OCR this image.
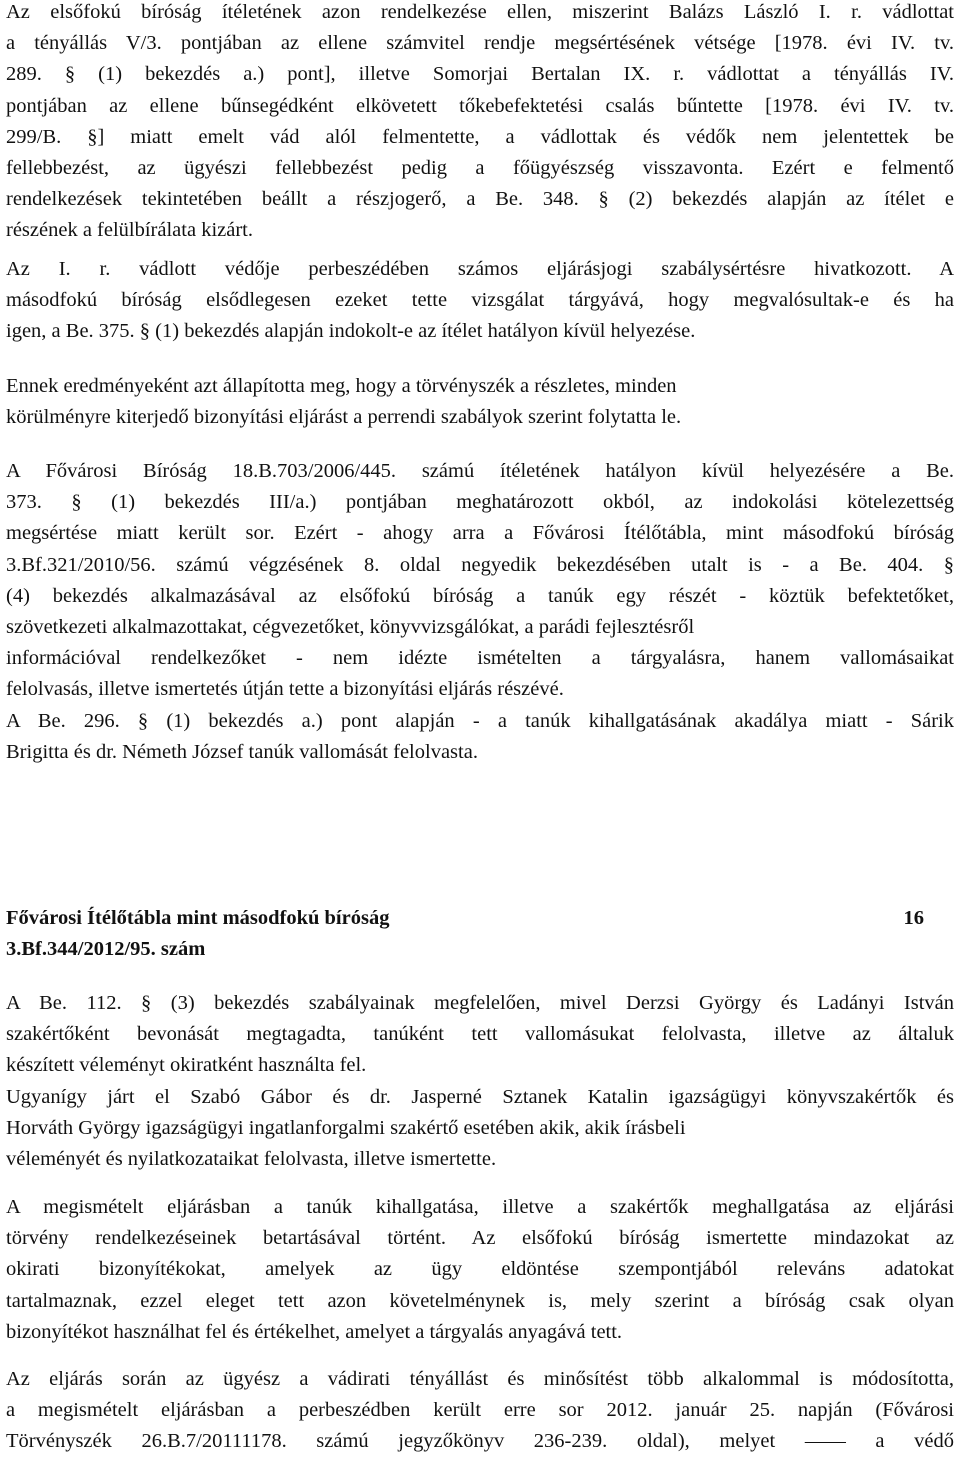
Az elsőfokú bíróság ítéletének azon rendelkezése ellen, miszerint Balázs László I. r. vádlottat
a tényállás V/3. pontjában az ellene számvitel rendje megsértésének vétsége [1978. évi IV. tv.
289. § (1) bekezdés a.) pont], illetve Somorjai Bertalan IX. r. vádlottat a tényállás IV.
pontjában az ellene bűnsegédként elkövetett tőkebefektetési csalás bűntette [1978. évi IV. tv.
299/B. §] miatt emelt vád alól felmentette, a vádlottak és védők nem jelentettek be
fellebbezést, az ügyészi fellebbezést pedig a főügyészség visszavonta. Ezért e felmentő
rendelkezések tekintetében beállt a részjogerő, a Be. 348. § (2) bekezdés alapján az ítélet e
részének a felülbírálata kizárt.
Az I. r. vádlott védője perbeszédében számos eljárásjogi szabálysértésre hivatkozott. A
másodfokú bíróság elsődlegesen ezeket tette vizsgálat tárgyává, hogy megvalósultak-e és ha
igen, a Be. 375. § (1) bekezdés alapján indokolt-e az ítélet hatályon kívül helyezése.
Ennek eredményeként azt állapította meg, hogy a törvényszék a részletes, minden
körülményre kiterjedő bizonyítási eljárást a perrendi szabályok szerint folytatta le.
A Fővárosi Bíróság 18.B.703/2006/445. számú ítéletének hatályon kívül helyezésére a Be.
373. § (1) bekezdés III/a.) pontjában meghatározott okból, az indokolási kötelezettség
megsértése miatt került sor. Ezért - ahogy arra a Fővárosi Ítélőtábla, mint másodfokú bíróság
3.Bf.321/2010/56. számú végzésének 8. oldal negyedik bekezdésében utalt is - a Be. 404. §
(4) bekezdés alkalmazásával az elsőfokú bíróság a tanúk egy részét - köztük befektetőket,
szövetkezeti alkalmazottakat, cégvezetőket, könyvvizsgálókat, a parádi fejlesztésről
információval rendelkezőket - nem idézte ismételten a tárgyalásra, hanem vallomásaikat
felolvasás, illetve ismertetés útján tette a bizonyítási eljárás részévé.
A Be. 296. § (1) bekezdés a.) pont alapján - a tanúk kihallgatásának akadálya miatt - Sárik
Brigitta és dr. Németh József tanúk vallomását felolvasta.
Fővárosi Ítélőtábla mint másodfokú bíróság	16
3.Bf.344/2012/95. szám
A Be. 112. § (3) bekezdés szabályainak megfelelően, mivel Derzsi György és Ladányi István
szakértőként bevonását megtagadta, tanúként tett vallomásukat felolvasta, illetve az általuk
készített véleményt okiratként használta fel.
Ugyanígy járt el Szabó Gábor és dr. Jasperné Sztanek Katalin igazságügyi könyvszakértők és
Horváth György igazságügyi ingatlanforgalmi szakértő esetében akik, akik írásbeli
véleményét és nyilatkozataikat felolvasta, illetve ismertette.
A megismételt eljárásban a tanúk kihallgatása, illetve a szakértők meghallgatása az eljárási
törvény rendelkezéseinek betartásával történt. Az elsőfokú bíróság ismertette mindazokat az
okirati bizonyítékokat, amelyek az ügy eldöntése szempontjából releváns adatokat
tartalmaznak, ezzel eleget tett azon követelménynek is, mely szerint a bíróság csak olyan
bizonyítékot használhat fel és értékelhet, amelyet a tárgyalás anyagává tett.
Az eljárás során az ügyész a vádirati tényállást és minősítést több alkalommal is módosította,
a megismételt eljárásban a perbeszédben került erre sor 2012. január 25. napján (Fővárosi
Törvényszék 26.B.7/20111178. számú jegyzőkönyv 236-239. oldal), melyet —— a védő
